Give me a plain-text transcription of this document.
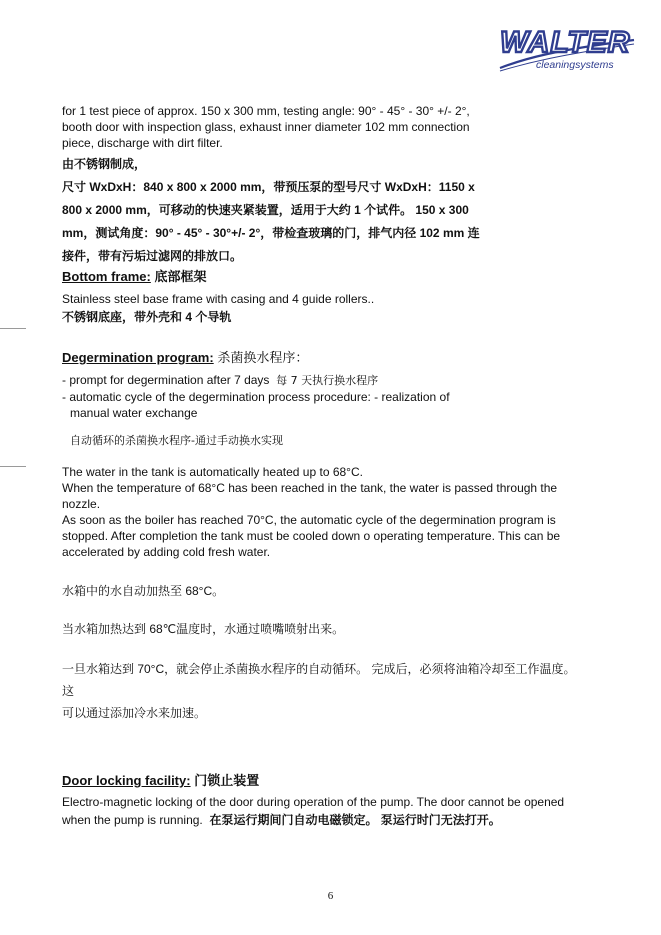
WALTER
cleaningsystems

for 1 test piece of approx. 150 x 300 mm, testing angle: 90° - 45° - 30° +/- 2°,

booth door with inspection glass, exhaust inner diameter 102 mm connection

piece, discharge with dirt filter.

由不锈钢制成，

尺寸 WxDxH：840 x 800 x 2000 mm，带预压泵的型号尺寸 WxDxH：1150 x

800 x 2000 mm，可移动的快速夹紧装置，适用于大约 1 个试件。 150 x 300

mm，测试角度：90° - 45° - 30°+/- 2°，带检查玻璃的门，排气内径 102 mm 连

接件，带有污垢过滤网的排放口。

Bottom frame: 底部框架

Stainless steel base frame with casing and 4 guide rollers..

不锈钢底座，带外壳和 4 个导轨

Degermination program: 杀菌换水程序：

- prompt for degermination after 7 days 每 7 天执行换水程序

- automatic cycle of the degermination process procedure: - realization of

manual water exchange

自动循环的杀菌换水程序-通过手动换水实现

The water in the tank is automatically heated up to 68°C.

When the temperature of 68°C has been reached in the tank, the water is passed through the

nozzle.

As soon as the boiler has reached 70°C, the automatic cycle of the degermination program is

stopped. After completion the tank must be cooled down o operating temperature. This can be

accelerated by adding cold fresh water.

水箱中的水自动加热至 68°C。

当水箱加热达到 68℃温度时，水通过喷嘴喷射出来。

一旦水箱达到 70°C，就会停止杀菌换水程序的自动循环。 完成后，必须将油箱冷却至工作温度。 这

可以通过添加冷水来加速。

Door locking facility: 门锁止装置

Electro-magnetic locking of the door during operation of the pump. The door cannot be opened

when the pump is running. 在泵运行期间门自动电磁锁定。 泵运行时门无法打开。

6
